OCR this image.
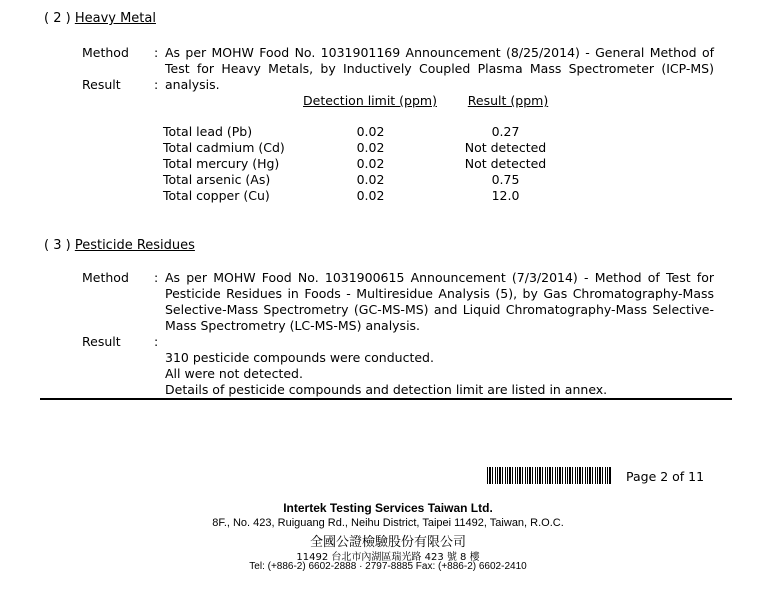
( 2 ) Heavy Metal
Method : As per MOHW Food No. 1031901169 Announcement (8/25/2014) - General Method of Test for Heavy Metals, by Inductively Coupled Plasma Mass Spectrometer (ICP-MS) analysis.
Result	:
Detection limit (ppm)	Result (ppm)
Total lead (Pb)	0.02	0.27
Total cadmium (Cd)	0.02	Not detected
Total mercury (Hg)	0.02	Not detected
Total arsenic (As)	0.02	0.75
Total copper (Cu)	0.02	12.0
( 3 ) Pesticide Residues
Method : As per MOHW Food No. 1031900615 Announcement (7/3/2014) - Method of Test for Pesticide Residues in Foods - Multiresidue Analysis (5), by Gas Chromatography-Mass Selective-Mass Spectrometry (GC-MS-MS) and Liquid Chromatography-Mass Selective-Mass Spectrometry (LC-MS-MS) analysis.
Result	:
310 pesticide compounds were conducted.
All were not detected.
Details of pesticide compounds and detection limit are listed in annex.
Page 2 of 11
Intertek Testing Services Taiwan Ltd.
8F., No. 423, Ruiguang Rd., Neihu District, Taipei 11492, Taiwan, R.O.C.
全國公證檢驗股份有限公司
11492 台北市內湖區瑞光路 423 號 8 樓
Tel: (+886-2) 6602-2888 · 2797-8885 Fax: (+886-2) 6602-2410
